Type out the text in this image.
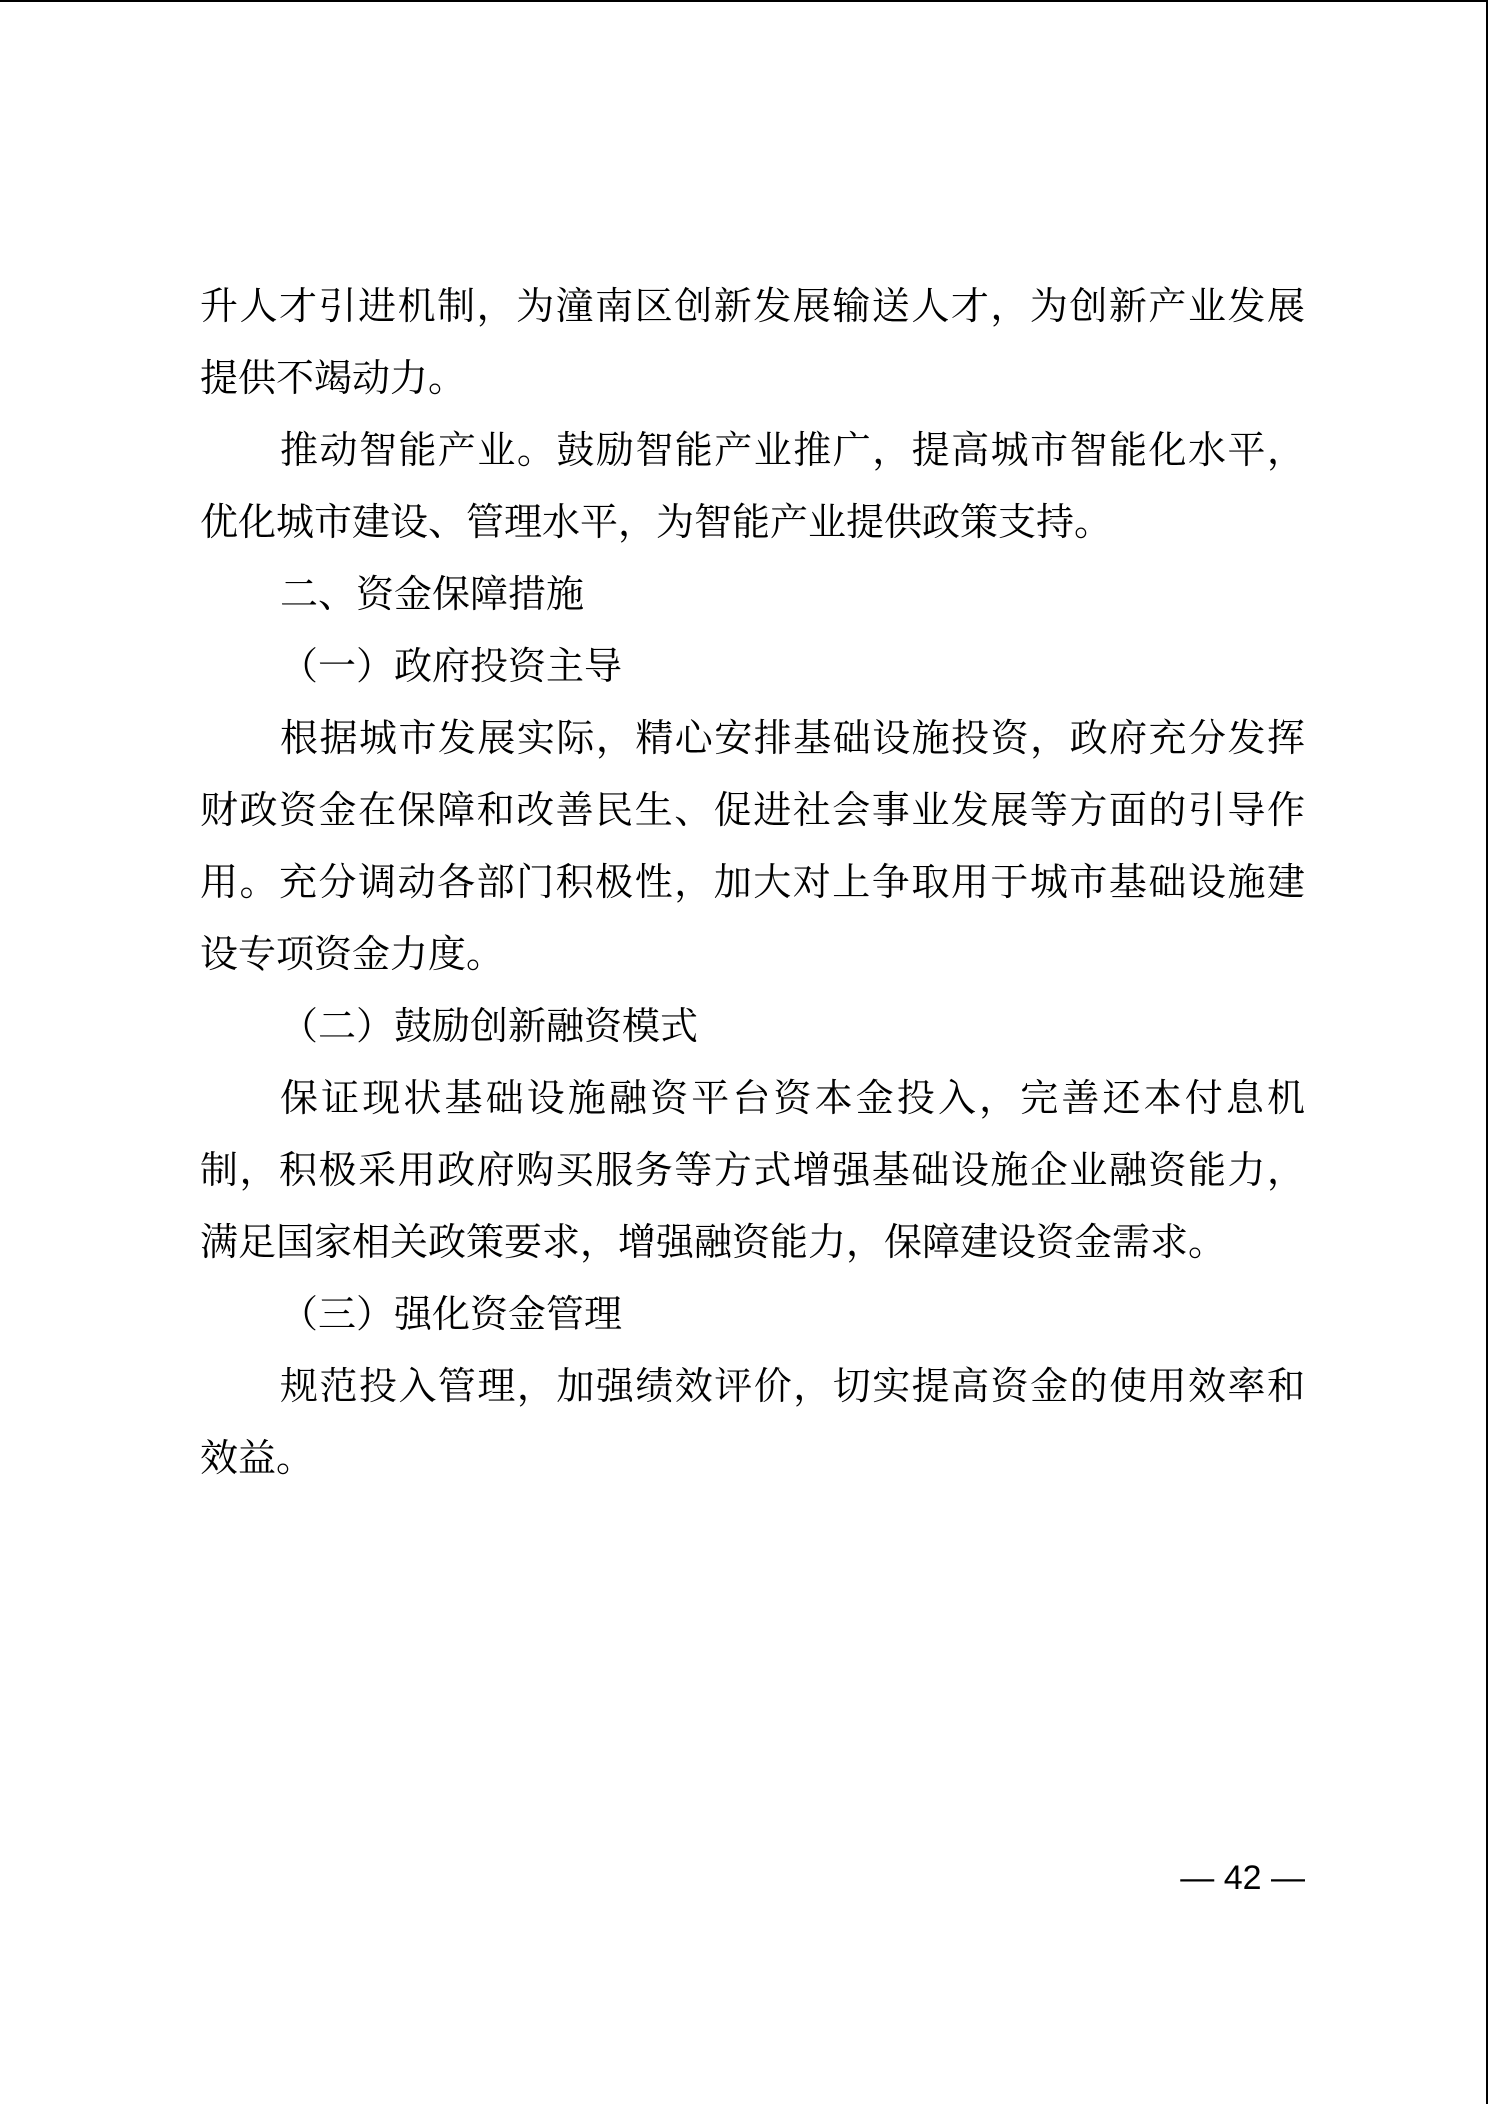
升人才引进机制，为潼南区创新发展输送人才，为创新产业发展

提供不竭动力。

推动智能产业。鼓励智能产业推广，提高城市智能化水平，

优化城市建设、管理水平，为智能产业提供政策支持。

二、资金保障措施

（一）政府投资主导

根据城市发展实际，精心安排基础设施投资，政府充分发挥

财政资金在保障和改善民生、促进社会事业发展等方面的引导作

用。充分调动各部门积极性，加大对上争取用于城市基础设施建

设专项资金力度。

（二）鼓励创新融资模式

保证现状基础设施融资平台资本金投入，完善还本付息机

制，积极采用政府购买服务等方式增强基础设施企业融资能力，

满足国家相关政策要求，增强融资能力，保障建设资金需求。

（三）强化资金管理

规范投入管理，加强绩效评价，切实提高资金的使用效率和

效益。

— 42 —
